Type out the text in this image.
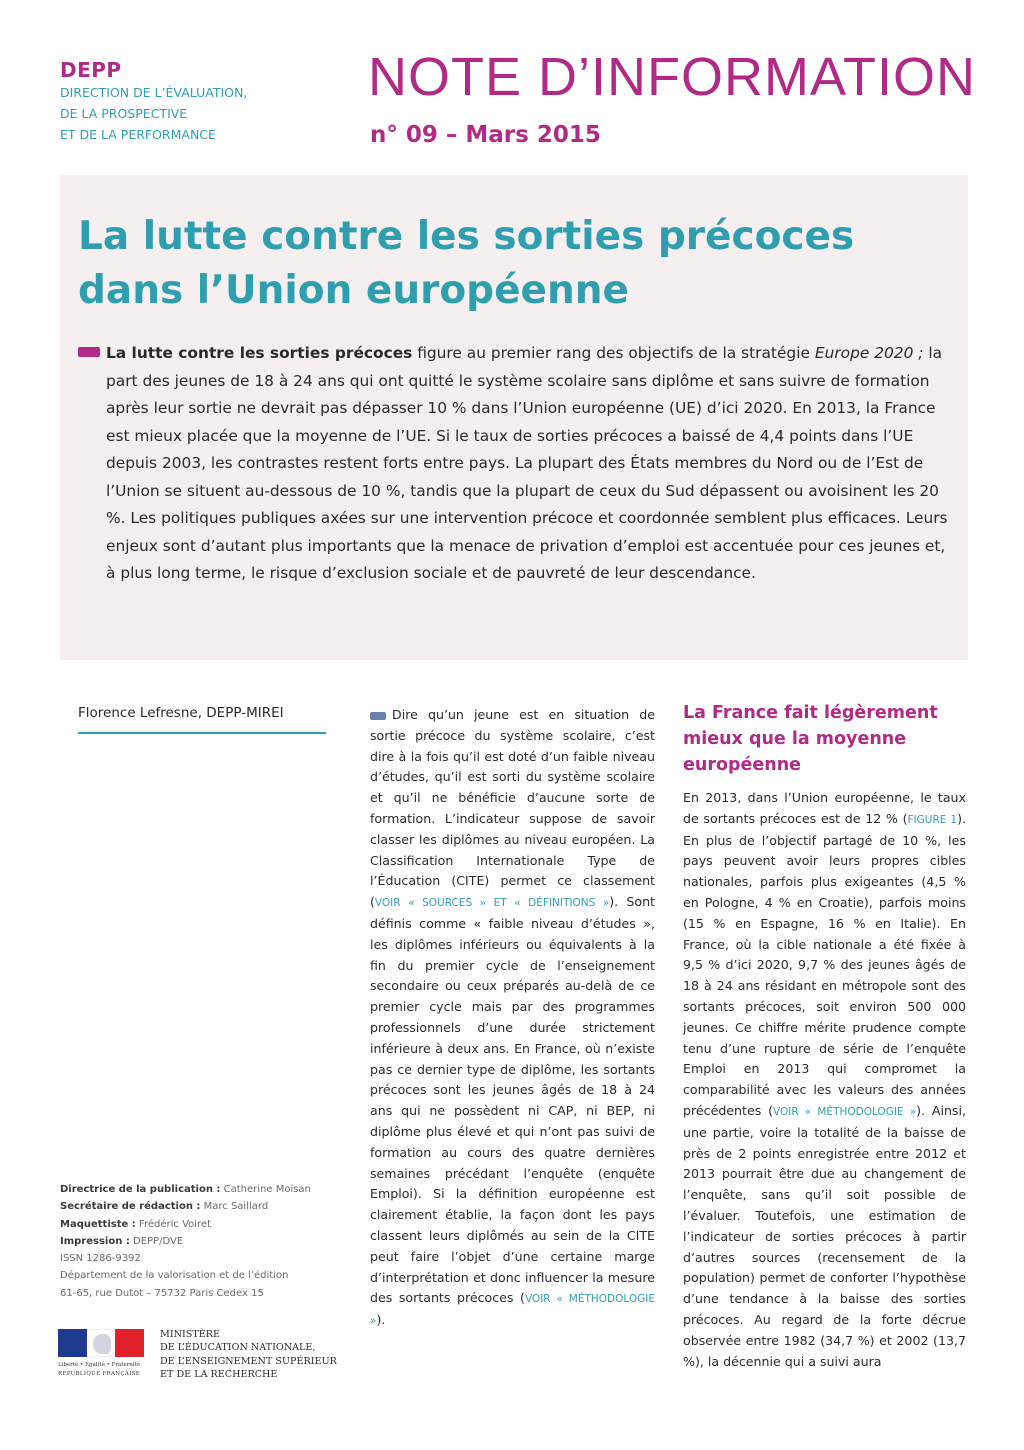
DEPP
DIRECTION DE L’ÉVALUATION,
DE LA PROSPECTIVE
ET DE LA PERFORMANCE
NOTE D’INFORMATION
n° 09 – Mars 2015
La lutte contre les sorties précoces
dans l’Union européenne
La lutte contre les sorties précoces figure au premier rang des objectifs de la stratégie Europe 2020 ; la part des jeunes de 18 à 24 ans qui ont quitté le système scolaire sans diplôme et sans suivre de formation après leur sortie ne devrait pas dépasser 10 % dans l’Union européenne (UE) d’ici 2020. En 2013, la France est mieux placée que la moyenne de l’UE. Si le taux de sorties précoces a baissé de 4,4 points dans l’UE depuis 2003, les contrastes restent forts entre pays. La plupart des États membres du Nord ou de l’Est de l’Union se situent au-dessous de 10 %, tandis que la plupart de ceux du Sud dépassent ou avoisinent les 20 %. Les politiques publiques axées sur une intervention précoce et coordonnée semblent plus efficaces. Leurs enjeux sont d’autant plus importants que la menace de privation d’emploi est accentuée pour ces jeunes et, à plus long terme, le risque d’exclusion sociale et de pauvreté de leur descendance.
Florence Lefresne, DEPP-MIREI	Dire qu’un jeune est en situation de sortie précoce du système scolaire, c’est dire à la fois qu’il est doté d’un faible niveau d’études, qu’il est sorti du système scolaire et qu’il ne bénéficie d’aucune sorte de formation. L’indicateur suppose de savoir classer les diplômes au niveau européen. La Classification Internationale Type de l’Éducation (CITE) permet ce classement (VOIR « SOURCES » ET « DÉFINITIONS »). Sont définis comme « faible niveau d’études », les diplômes inférieurs ou équivalents à la fin du premier cycle de l’enseignement secondaire ou ceux préparés au-delà de ce premier cycle mais par des programmes professionnels d’une durée strictement inférieure à deux ans. En France, où n’existe pas ce dernier type de diplôme, les sortants précoces sont les jeunes âgés de 18 à 24 ans qui ne possèdent ni CAP, ni BEP, ni diplôme plus élevé et qui n’ont pas suivi de formation au cours des quatre dernières semaines précédant l’enquête (enquête Emploi). Si la définition européenne est clairement établie, la façon dont les pays classent leurs diplômés au sein de la CITE peut faire l’objet d’une certaine marge d’interprétation et donc influencer la mesure des sortants précoces (VOIR « MÉTHODOLOGIE »).
La France fait légèrement mieux que la moyenne européenne
En 2013, dans l’Union européenne, le taux de sortants précoces est de 12 % (FIGURE 1). En plus de l’objectif partagé de 10 %, les pays peuvent avoir leurs propres cibles nationales, parfois plus exigeantes (4,5 % en Pologne, 4 % en Croatie), parfois moins (15 % en Espagne, 16 % en Italie). En France, où la cible nationale a été fixée à 9,5 % d’ici 2020, 9,7 % des jeunes âgés de 18 à 24 ans résidant en métropole sont des sortants précoces, soit environ 500 000 jeunes. Ce chiffre mérite prudence compte tenu d’une rupture de série de l’enquête Emploi en 2013 qui compromet la comparabilité avec les valeurs des années précédentes (VOIR « MÉTHODOLOGIE »). Ainsi, une partie, voire la totalité de la baisse de près de 2 points enregistrée entre 2012 et 2013 pourrait être due au changement de l’enquête, sans qu’il soit possible de l’évaluer. Toutefois, une estimation de l’indicateur de sorties précoces à partir d’autres sources (recensement de la population) permet de conforter l’hypothèse d’une tendance à la baisse des sorties précoces. Au regard de la forte décrue observée entre 1982 (34,7 %) et 2002 (13,7 %), la décennie qui a suivi aura
Directrice de la publication : Catherine Moisan
Secrétaire de rédaction : Marc Saillard
Maquettiste : Frédéric Voiret
Impression : DEPP/DVE
ISSN 1286-9392
Département de la valorisation et de l’édition
61-65, rue Dutot – 75732 Paris Cedex 15
Liberté • Égalité • Fraternité
RÉPUBLIQUE FRANÇAISE
MINISTÈRE
DE L’ÉDUCATION NATIONALE,
DE L’ENSEIGNEMENT SUPÉRIEUR
ET DE LA RECHERCHE
